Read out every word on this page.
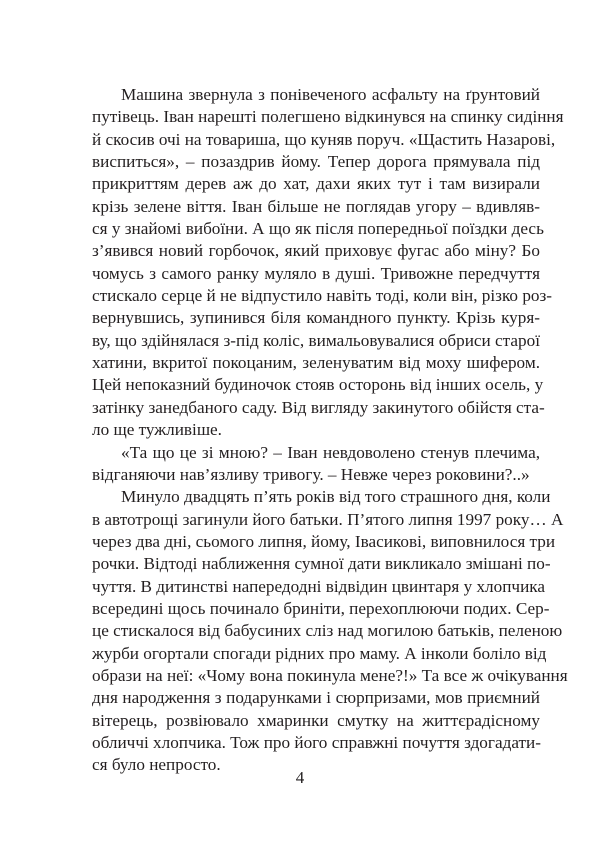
Машина звернула з понівеченого асфальту на ґрунтовий
путівець. Іван нарешті полегшено відкинувся на спинку сидіння
й скосив очі на товариша, що куняв поруч. «Щастить Назарові,
виспиться», – позаздрив йому. Тепер дорога прямувала під
прикриттям дерев аж до хат, дахи яких тут і там визирали
крізь зелене віття. Іван більше не поглядав угору – вдивляв-
ся у знайомі вибоїни. А що як після попередньої поїздки десь
з’явився новий горбочок, який приховує фугас або міну? Бо
чомусь з самого ранку муляло в душі. Тривожне передчуття
стискало серце й не відпустило навіть тоді, коли він, різко роз-
вернувшись, зупинився біля командного пункту. Крізь куря-
ву, що здійнялася з-під коліс, вимальовувалися обриси старої
хатини, вкритої покоцаним, зеленуватим від моху шифером.
Цей непоказний будиночок стояв осторонь від інших осель, у
затінку занедбаного саду. Від вигляду закинутого обійстя ста-
ло ще тужливіше.
«Та що це зі мною? – Іван невдоволено стенув плечима,
відганяючи нав’язливу тривогу. – Невже через роковини?..»
Минуло двадцять п’ять років від того страшного дня, коли
в автотрощі загинули його батьки. П’ятого липня 1997 року… А
через два дні, сьомого липня, йому, Івасикові, виповнилося три
рочки. Відтоді наближення сумної дати викликало змішані по-
чуття. В дитинстві напередодні відвідин цвинтаря у хлопчика
всередині щось починало бриніти, перехоплюючи подих. Сер-
це стискалося від бабусиних сліз над могилою батьків, пеленою
журби огортали спогади рідних про маму. А інколи боліло від
образи на неї: «Чому вона покинула мене?!» Та все ж очікування
дня народження з подарунками і сюрпризами, мов приємний
вітерець, розвіювало хмаринки смутку на життєрадісному
обличчі хлопчика. Тож про його справжні почуття здогадати-
ся було непросто.
4
